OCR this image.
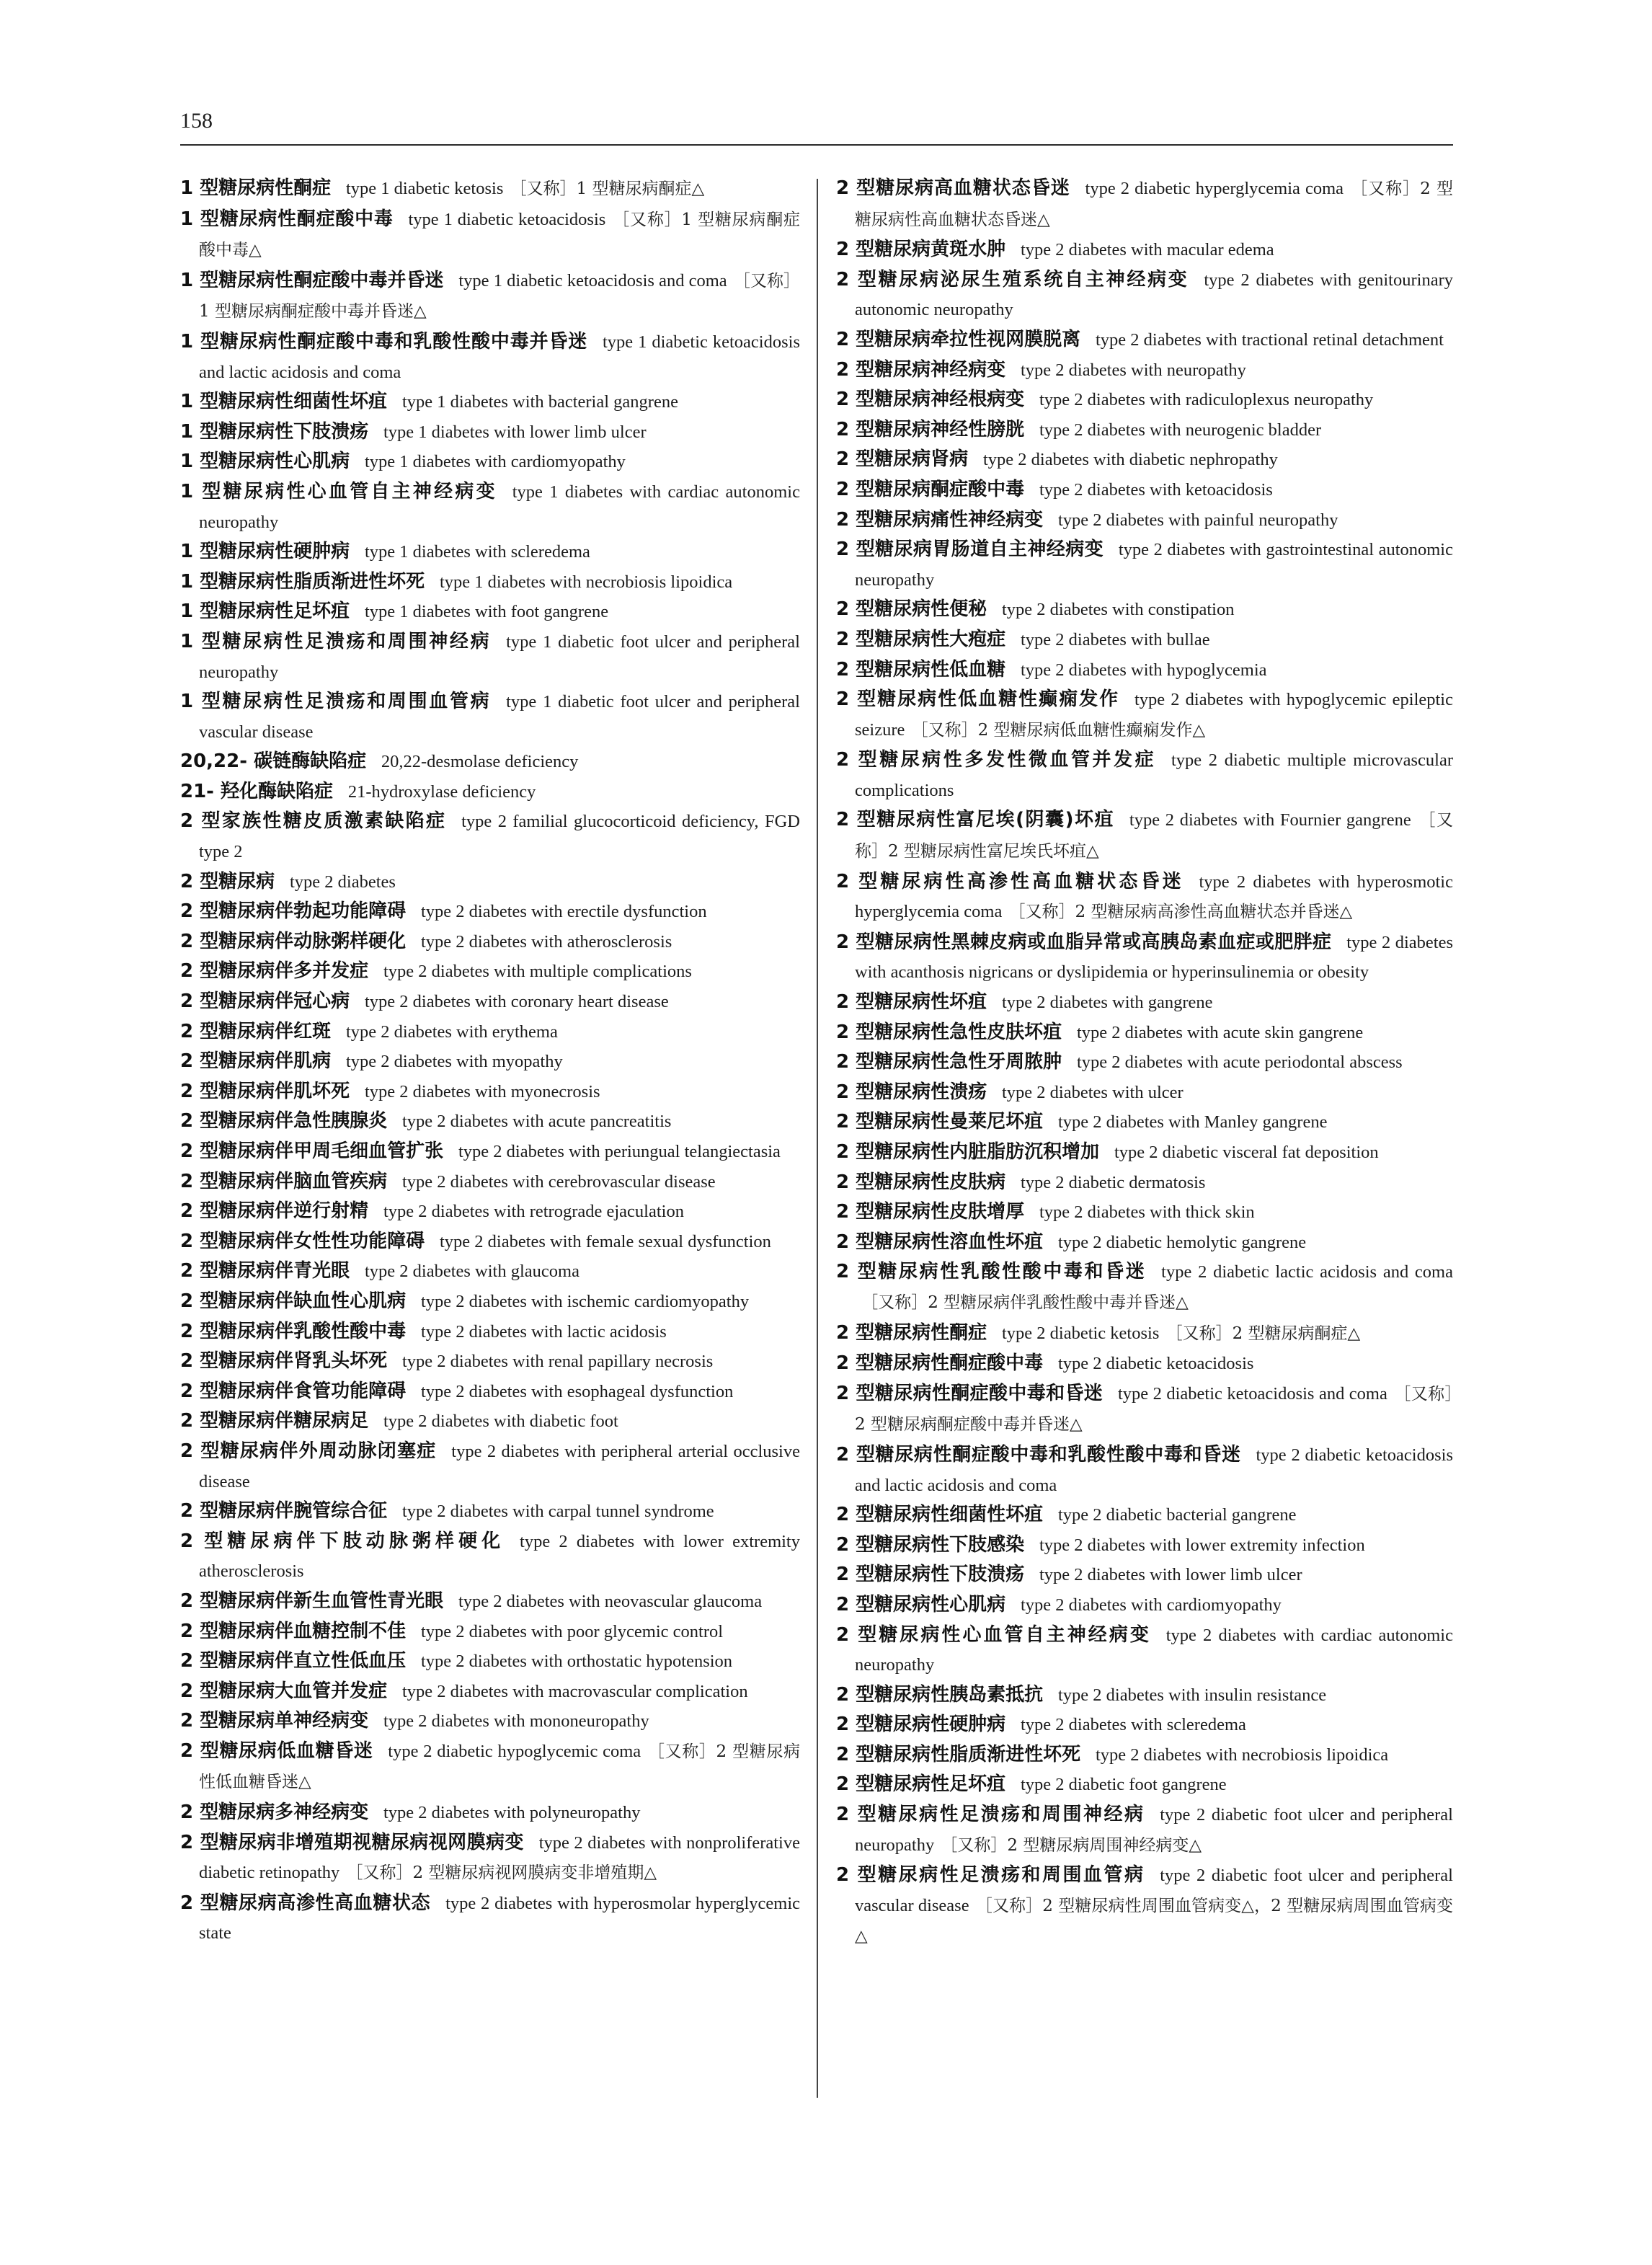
158
1 型糖尿病性酮症 type 1 diabetic ketosis ［又称］1 型糖尿病酮症△
1 型糖尿病性酮症酸中毒 type 1 diabetic ketoacidosis ［又称］1 型糖尿病酮症酸中毒△
1 型糖尿病性酮症酸中毒并昏迷 type 1 diabetic ketoacidosis and coma ［又称］1 型糖尿病酮症酸中毒并昏迷△
1 型糖尿病性酮症酸中毒和乳酸性酸中毒并昏迷 type 1 diabetic ketoacidosis and lactic acidosis and coma
1 型糖尿病性细菌性坏疽 type 1 diabetes with bacterial gangrene
1 型糖尿病性下肢溃疡 type 1 diabetes with lower limb ulcer
1 型糖尿病性心肌病 type 1 diabetes with cardiomyopathy
1 型糖尿病性心血管自主神经病变 type 1 diabetes with cardiac autonomic neuropathy
1 型糖尿病性硬肿病 type 1 diabetes with scleredema
1 型糖尿病性脂质渐进性坏死 type 1 diabetes with necrobiosis lipoidica
1 型糖尿病性足坏疽 type 1 diabetes with foot gangrene
1 型糖尿病性足溃疡和周围神经病 type 1 diabetic foot ulcer and peripheral neuropathy
1 型糖尿病性足溃疡和周围血管病 type 1 diabetic foot ulcer and peripheral vascular disease
20,22- 碳链酶缺陷症 20,22-desmolase deficiency
21- 羟化酶缺陷症 21-hydroxylase deficiency
2 型家族性糖皮质激素缺陷症 type 2 familial glucocorticoid deficiency, FGD type 2
2 型糖尿病 type 2 diabetes
2 型糖尿病伴勃起功能障碍 type 2 diabetes with erectile dysfunction
2 型糖尿病伴动脉粥样硬化 type 2 diabetes with atherosclerosis
2 型糖尿病伴多并发症 type 2 diabetes with multiple complications
2 型糖尿病伴冠心病 type 2 diabetes with coronary heart disease
2 型糖尿病伴红斑 type 2 diabetes with erythema
2 型糖尿病伴肌病 type 2 diabetes with myopathy
2 型糖尿病伴肌坏死 type 2 diabetes with myonecrosis
2 型糖尿病伴急性胰腺炎 type 2 diabetes with acute pancreatitis
2 型糖尿病伴甲周毛细血管扩张 type 2 diabetes with periungual telangiectasia
2 型糖尿病伴脑血管疾病 type 2 diabetes with cerebrovascular disease
2 型糖尿病伴逆行射精 type 2 diabetes with retrograde ejaculation
2 型糖尿病伴女性性功能障碍 type 2 diabetes with female sexual dysfunction
2 型糖尿病伴青光眼 type 2 diabetes with glaucoma
2 型糖尿病伴缺血性心肌病 type 2 diabetes with ischemic cardiomyopathy
2 型糖尿病伴乳酸性酸中毒 type 2 diabetes with lactic acidosis
2 型糖尿病伴肾乳头坏死 type 2 diabetes with renal papillary necrosis
2 型糖尿病伴食管功能障碍 type 2 diabetes with esophageal dysfunction
2 型糖尿病伴糖尿病足 type 2 diabetes with diabetic foot
2 型糖尿病伴外周动脉闭塞症 type 2 diabetes with peripheral arterial occlusive disease
2 型糖尿病伴腕管综合征 type 2 diabetes with carpal tunnel syndrome
2 型糖尿病伴下肢动脉粥样硬化 type 2 diabetes with lower extremity atherosclerosis
2 型糖尿病伴新生血管性青光眼 type 2 diabetes with neovascular glaucoma
2 型糖尿病伴血糖控制不佳 type 2 diabetes with poor glycemic control
2 型糖尿病伴直立性低血压 type 2 diabetes with orthostatic hypotension
2 型糖尿病大血管并发症 type 2 diabetes with macrovascular complication
2 型糖尿病单神经病变 type 2 diabetes with mononeuropathy
2 型糖尿病低血糖昏迷 type 2 diabetic hypoglycemic coma ［又称］2 型糖尿病性低血糖昏迷△
2 型糖尿病多神经病变 type 2 diabetes with polyneuropathy
2 型糖尿病非增殖期视糖尿病视网膜病变 type 2 diabetes with nonproliferative diabetic retinopathy ［又称］2 型糖尿病视网膜病变非增殖期△
2 型糖尿病高渗性高血糖状态 type 2 diabetes with hyperosmolar hyperglycemic state
2 型糖尿病高血糖状态昏迷 type 2 diabetic hyperglycemia coma ［又称］2 型糖尿病性高血糖状态昏迷△
2 型糖尿病黄斑水肿 type 2 diabetes with macular edema
2 型糖尿病泌尿生殖系统自主神经病变 type 2 diabetes with genitourinary autonomic neuropathy
2 型糖尿病牵拉性视网膜脱离 type 2 diabetes with tractional retinal detachment
2 型糖尿病神经病变 type 2 diabetes with neuropathy
2 型糖尿病神经根病变 type 2 diabetes with radiculoplexus neuropathy
2 型糖尿病神经性膀胱 type 2 diabetes with neurogenic bladder
2 型糖尿病肾病 type 2 diabetes with diabetic nephropathy
2 型糖尿病酮症酸中毒 type 2 diabetes with ketoacidosis
2 型糖尿病痛性神经病变 type 2 diabetes with painful neuropathy
2 型糖尿病胃肠道自主神经病变 type 2 diabetes with gastrointestinal autonomic neuropathy
2 型糖尿病性便秘 type 2 diabetes with constipation
2 型糖尿病性大疱症 type 2 diabetes with bullae
2 型糖尿病性低血糖 type 2 diabetes with hypoglycemia
2 型糖尿病性低血糖性癫痫发作 type 2 diabetes with hypoglycemic epileptic seizure ［又称］2 型糖尿病低血糖性癫痫发作△
2 型糖尿病性多发性微血管并发症 type 2 diabetic multiple microvascular complications
2 型糖尿病性富尼埃(阴囊)坏疽 type 2 diabetes with Fournier gangrene ［又称］2 型糖尿病性富尼埃氏坏疽△
2 型糖尿病性高渗性高血糖状态昏迷 type 2 diabetes with hyperosmotic hyperglycemia coma ［又称］2 型糖尿病高渗性高血糖状态并昏迷△
2 型糖尿病性黑棘皮病或血脂异常或高胰岛素血症或肥胖症 type 2 diabetes with acanthosis nigricans or dyslipidemia or hyperinsulinemia or obesity
2 型糖尿病性坏疽 type 2 diabetes with gangrene
2 型糖尿病性急性皮肤坏疽 type 2 diabetes with acute skin gangrene
2 型糖尿病性急性牙周脓肿 type 2 diabetes with acute periodontal abscess
2 型糖尿病性溃疡 type 2 diabetes with ulcer
2 型糖尿病性曼莱尼坏疽 type 2 diabetes with Manley gangrene
2 型糖尿病性内脏脂肪沉积增加 type 2 diabetic visceral fat deposition
2 型糖尿病性皮肤病 type 2 diabetic dermatosis
2 型糖尿病性皮肤增厚 type 2 diabetes with thick skin
2 型糖尿病性溶血性坏疽 type 2 diabetic hemolytic gangrene
2 型糖尿病性乳酸性酸中毒和昏迷 type 2 diabetic lactic acidosis and coma［又称］2 型糖尿病伴乳酸性酸中毒并昏迷△
2 型糖尿病性酮症 type 2 diabetic ketosis ［又称］2 型糖尿病酮症△
2 型糖尿病性酮症酸中毒 type 2 diabetic ketoacidosis
2 型糖尿病性酮症酸中毒和昏迷 type 2 diabetic ketoacidosis and coma ［又称］2 型糖尿病酮症酸中毒并昏迷△
2 型糖尿病性酮症酸中毒和乳酸性酸中毒和昏迷 type 2 diabetic ketoacidosis and lactic acidosis and coma
2 型糖尿病性细菌性坏疽 type 2 diabetic bacterial gangrene
2 型糖尿病性下肢感染 type 2 diabetes with lower extremity infection
2 型糖尿病性下肢溃疡 type 2 diabetes with lower limb ulcer
2 型糖尿病性心肌病 type 2 diabetes with cardiomyopathy
2 型糖尿病性心血管自主神经病变 type 2 diabetes with cardiac autonomic neuropathy
2 型糖尿病性胰岛素抵抗 type 2 diabetes with insulin resistance
2 型糖尿病性硬肿病 type 2 diabetes with scleredema
2 型糖尿病性脂质渐进性坏死 type 2 diabetes with necrobiosis lipoidica
2 型糖尿病性足坏疽 type 2 diabetic foot gangrene
2 型糖尿病性足溃疡和周围神经病 type 2 diabetic foot ulcer and peripheral neuropathy ［又称］2 型糖尿病周围神经病变△
2 型糖尿病性足溃疡和周围血管病 type 2 diabetic foot ulcer and peripheral vascular disease ［又称］2 型糖尿病性周围血管病变△，2 型糖尿病周围血管病变△
